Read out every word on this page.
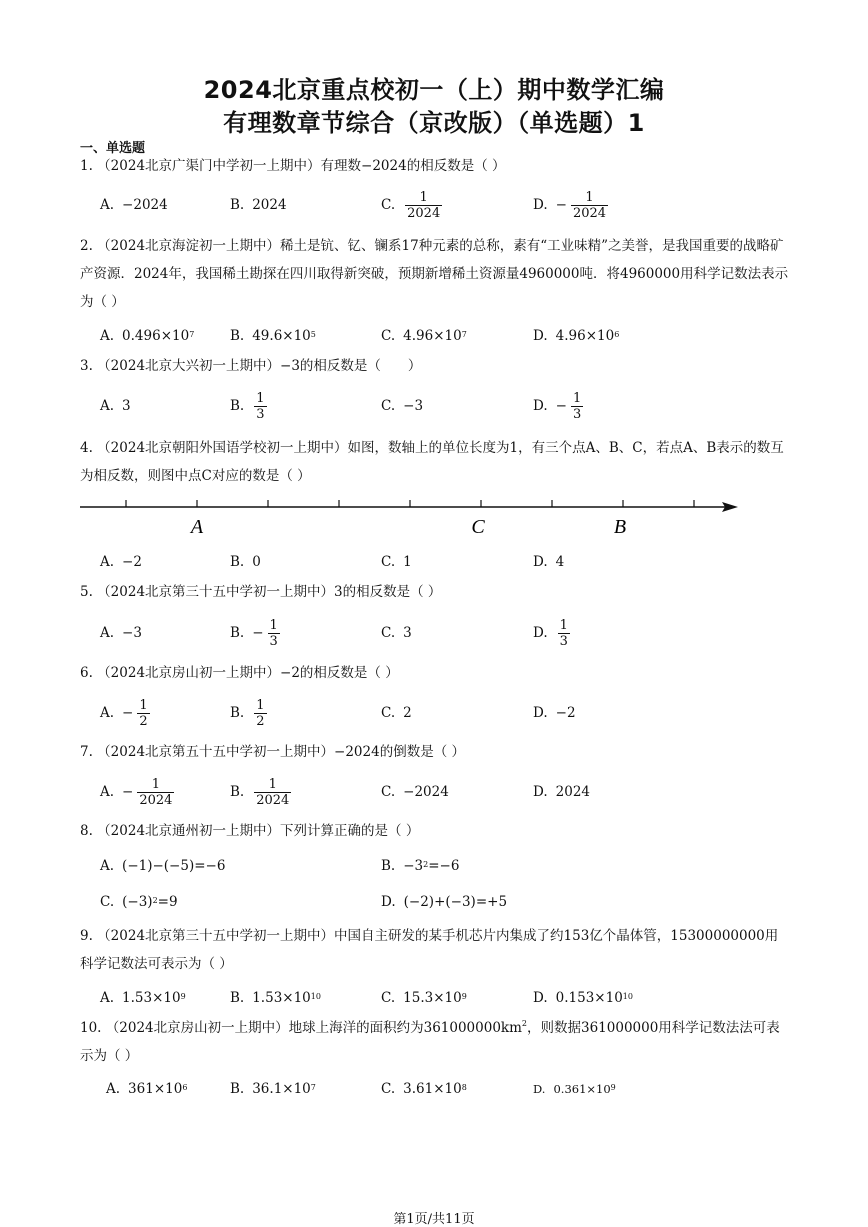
2024北京重点校初一（上）期中数学汇编
有理数章节综合（京改版）（单选题）1
一、单选题
1. （2024北京广渠门中学初一上期中）有理数−2024的相反数是（ ）
A. −2024	B. 2024	C. $\frac{1}{2024}$	D. − $\frac{1}{2024}$
2. （2024北京海淀初一上期中）稀土是钪、钇、镧系17种元素的总称，素有“工业味精”之美誉，是我国重要的战略矿产资源．2024年，我国稀土勘探在四川取得新突破，预期新增稀土资源量4960000吨．将4960000用科学记数法表示为（ ）
A. $0.496\times 10^7$	B. $49.6\times 10^5$	C. $4.96\times 10^7$	D. $4.96\times 10^6$
3. （2024北京大兴初一上期中）−3的相反数是（　　）
A. 3	B. $\frac{1}{3}$	C. −3	D. − $\frac{1}{3}$
4. （2024北京朝阳外国语学校初一上期中）如图，数轴上的单位长度为1，有三个点A、B、C，若点A、B表示的数互为相反数，则图中点C对应的数是（ ）
A	C	B
A. −2	B. 0	C. 1	D. 4
5. （2024北京第三十五中学初一上期中）3的相反数是（ ）
A. −3	B. − $\frac{1}{3}$	C. 3	D. $\frac{1}{3}$
6. （2024北京房山初一上期中）−2的相反数是（ ）
A. − $\frac{1}{2}$	B. $\frac{1}{2}$	C. 2	D. −2
7. （2024北京第五十五中学初一上期中）−2024的倒数是（ ）
A. − $\frac{1}{2024}$	B. $\frac{1}{2024}$	C. −2024	D. 2024
8. （2024北京通州初一上期中）下列计算正确的是（ ）
A. (−1)−(−5)=−6	B. $-3^2 =-6$
C. $(-3)^2 =9$	D. (−2)+(−3)=+5
9. （2024北京第三十五中学初一上期中）中国自主研发的某手机芯片内集成了约153亿个晶体管，15300000000用科学记数法可表示为（ ）
A. $1.53\times 10^9$	B. $1.53\times 10^{10}$	C. $15.3\times 10^9$	D. $0.153\times 10^{10}$
10. （2024北京房山初一上期中）地球上海洋的面积约为$361000000km^2$，则数据361000000用科学记数法法可表示为（ ）
A. $361\times 10^6$	B. $36.1\times 10^7$	C. $3.61\times 10^8$	D. $0.361\times 10^9$
第1页/共11页
